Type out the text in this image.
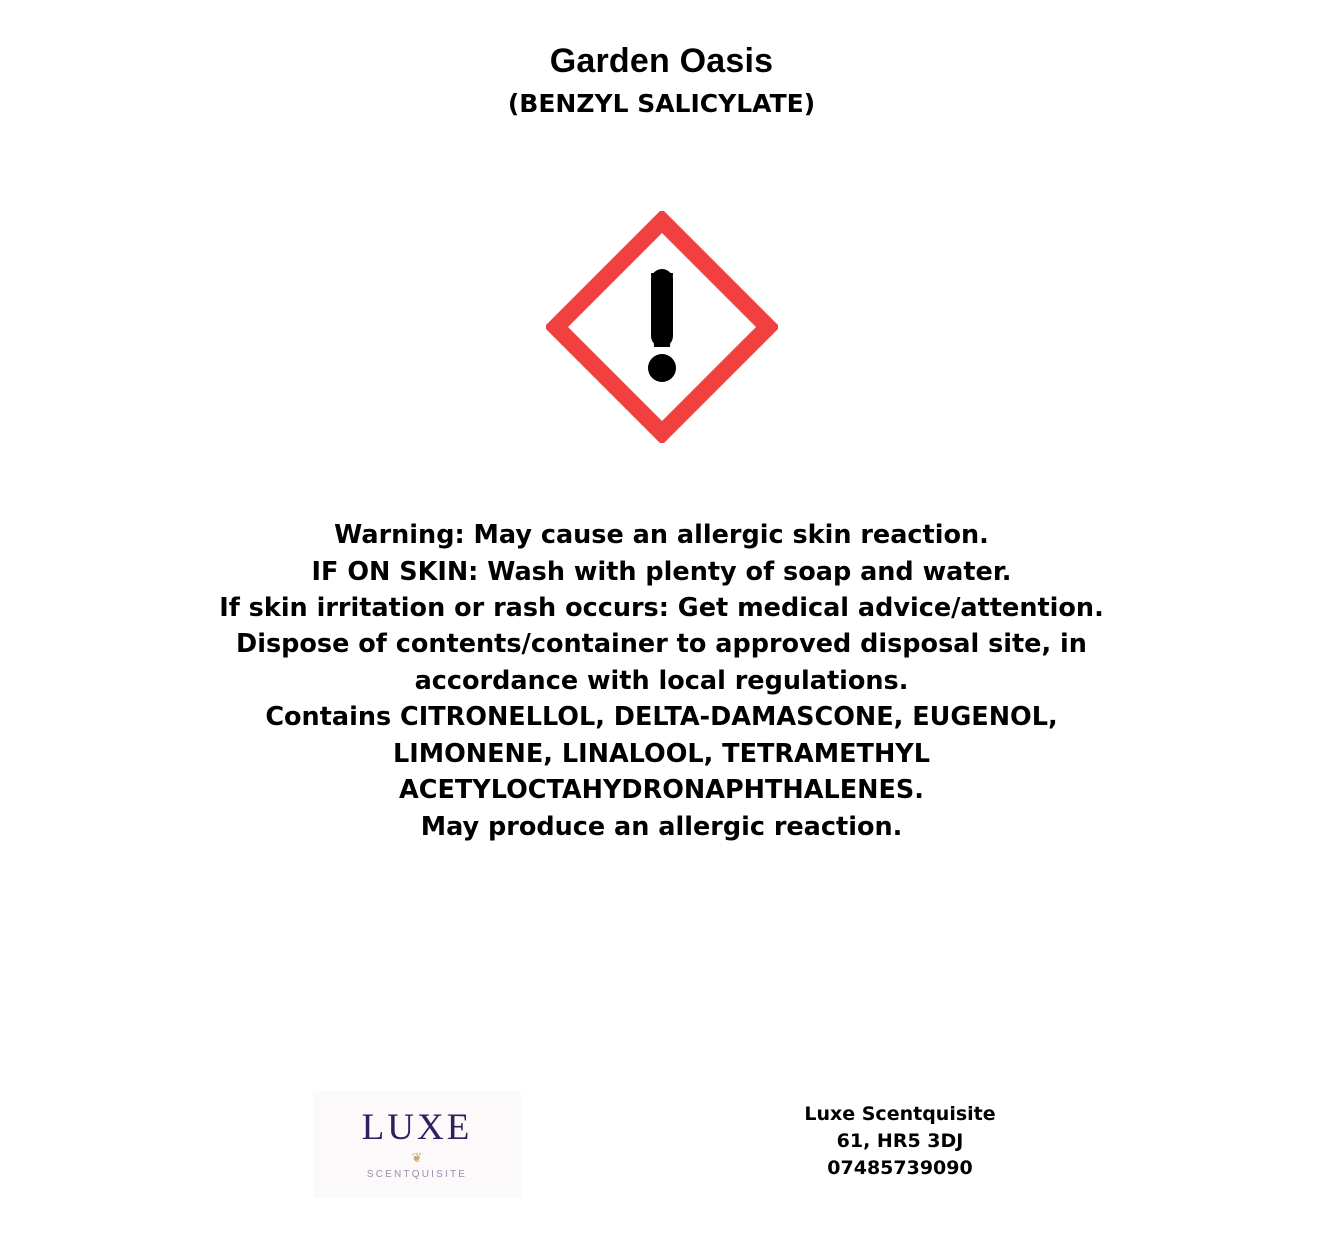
Garden Oasis

(BENZYL SALICYLATE)

Warning: May cause an allergic skin reaction.

IF ON SKIN: Wash with plenty of soap and water.

If skin irritation or rash occurs: Get medical advice/attention.

Dispose of contents/container to approved disposal site, in

accordance with local regulations.

Contains CITRONELLOL, DELTA-DAMASCONE, EUGENOL,

LIMONENE, LINALOOL, TETRAMETHYL

ACETYLOCTAHYDRONAPHTHALENES.

May produce an allergic reaction.

LUXE
❦
SCENTQUISITE

Luxe Scentquisite

61, HR5 3DJ

07485739090
